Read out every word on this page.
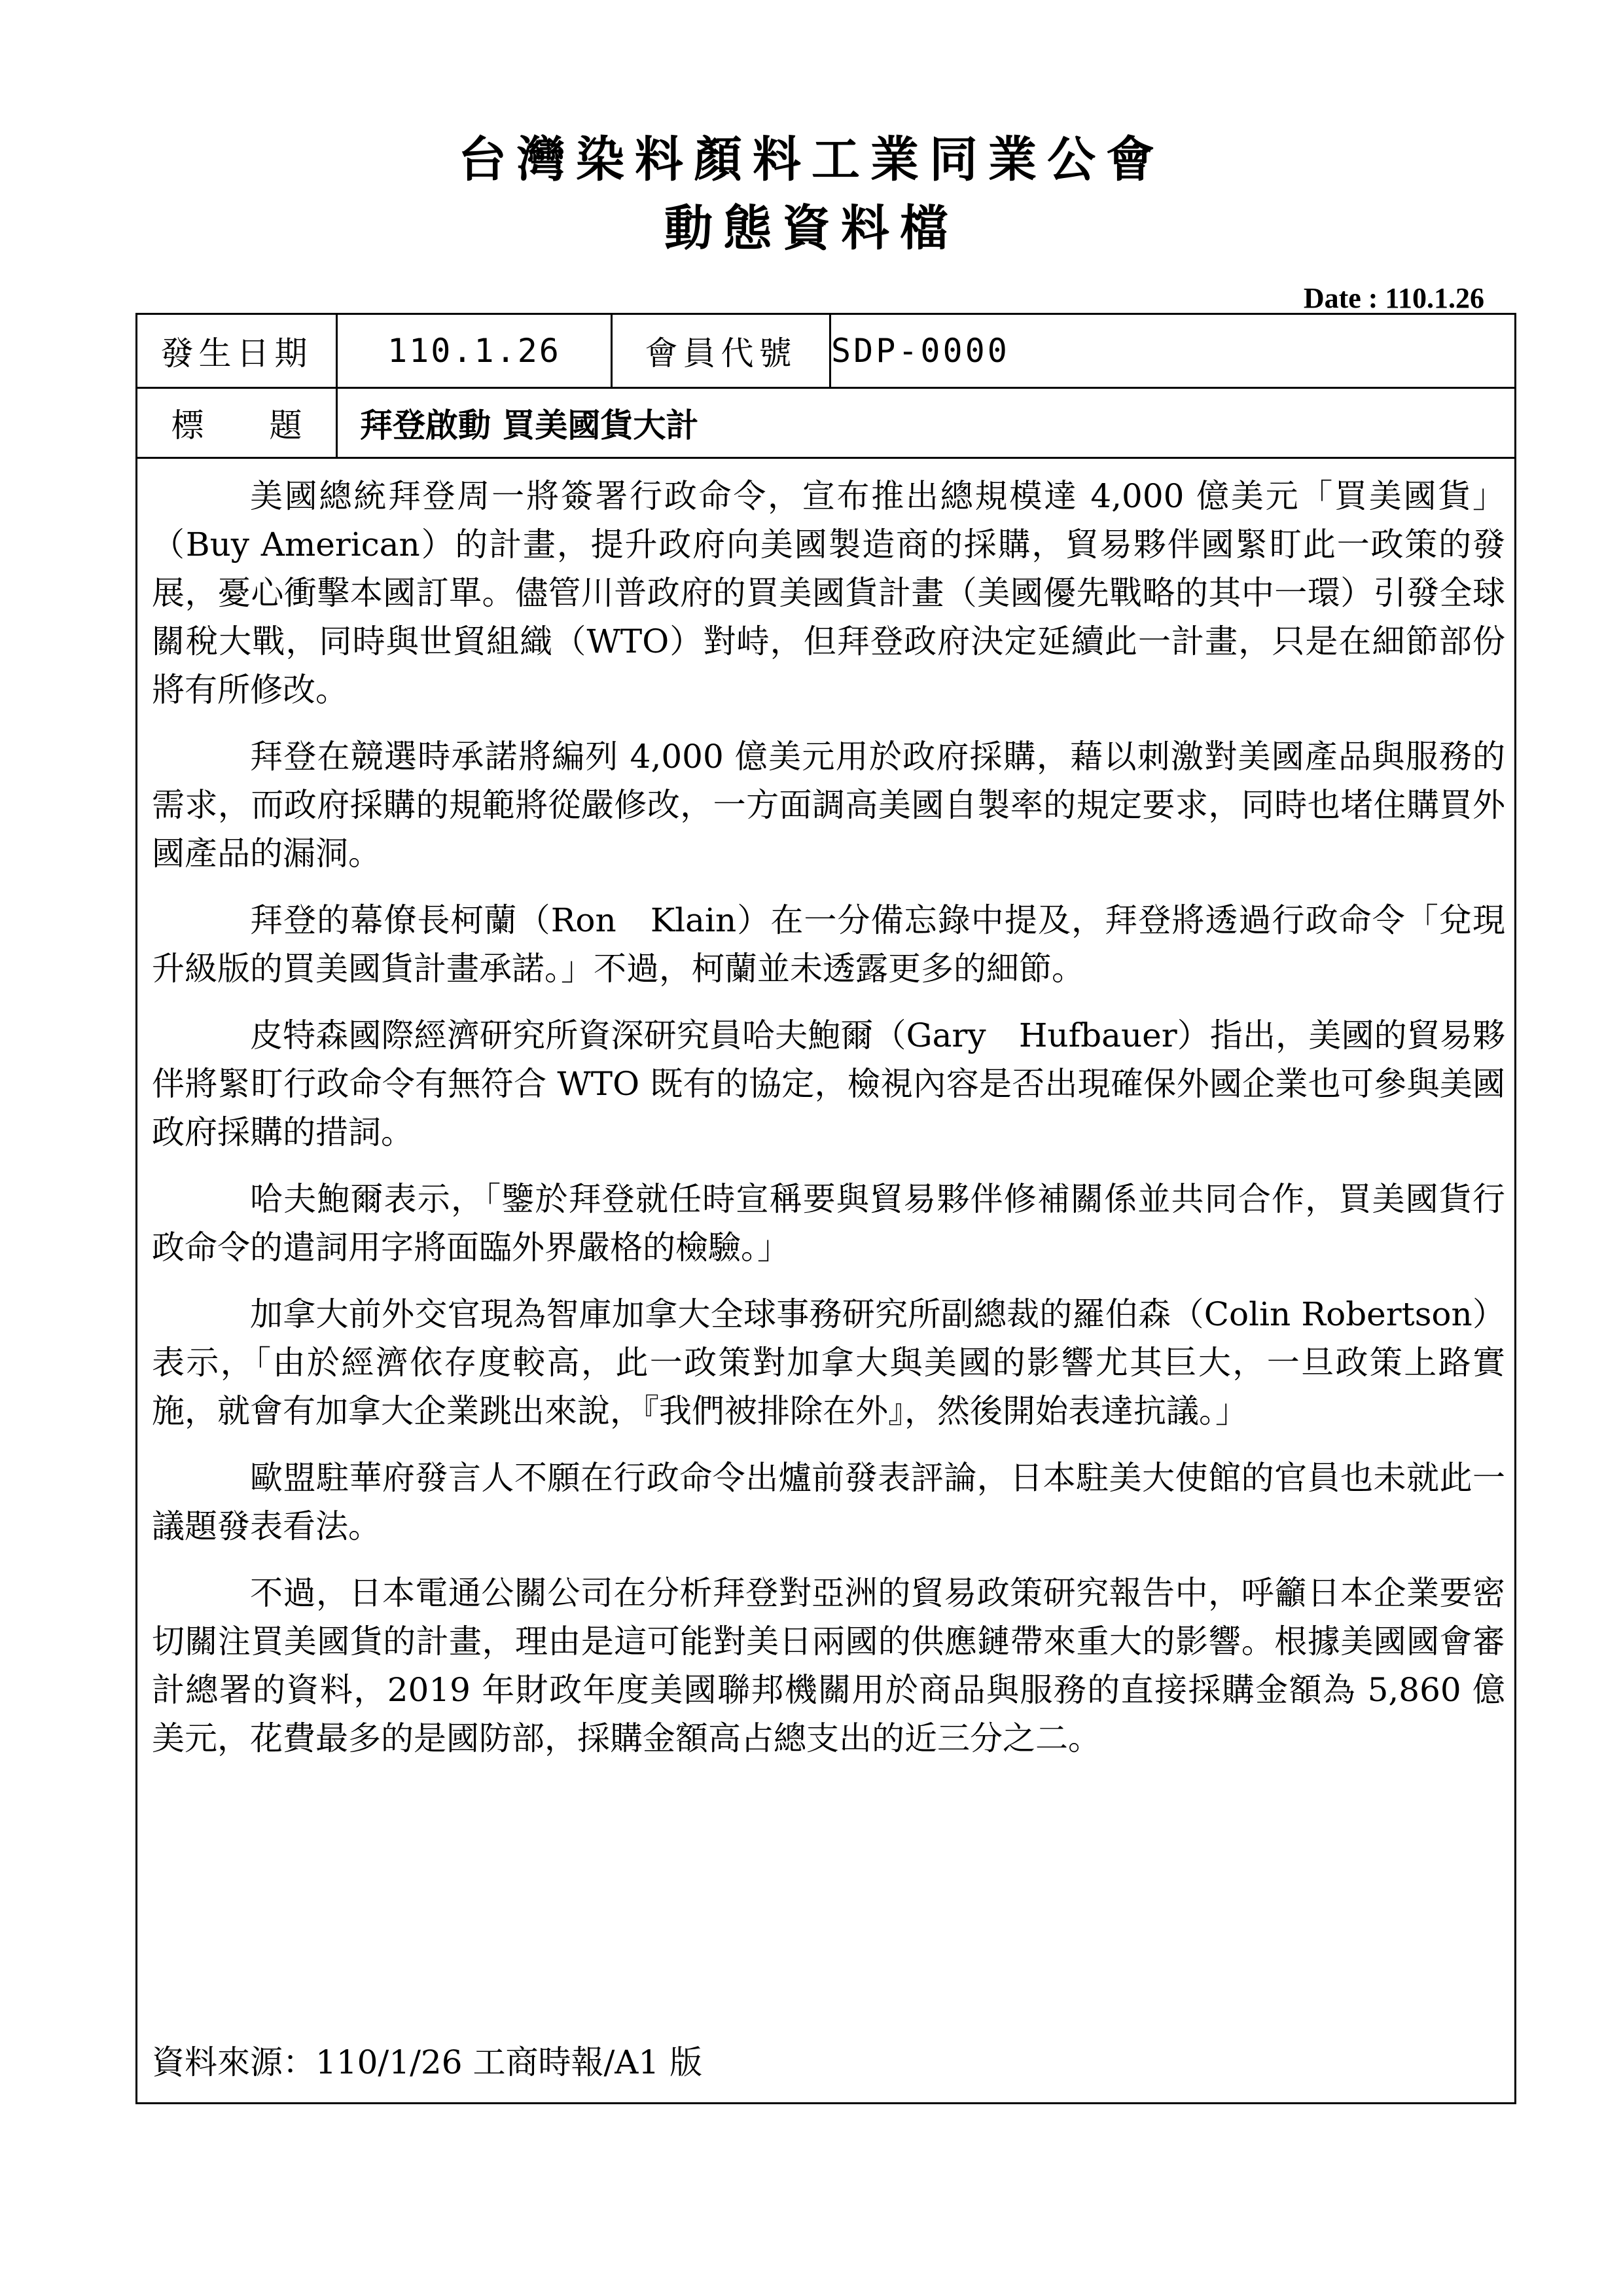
台灣染料顏料工業同業公會
動態資料檔
Date : 110.1.26
發生日期	110.1.26	會員代號	SDP-0000
標　　題	拜登啟動 買美國貨大計

美國總統拜登周一將簽署行政命令，宣布推出總規模達 4,000 億美元「買美國貨」（Buy American）的計畫，提升政府向美國製造商的採購，貿易夥伴國緊盯此一政策的發展，憂心衝擊本國訂單。儘管川普政府的買美國貨計畫（美國優先戰略的其中一環）引發全球關稅大戰，同時與世貿組織（WTO）對峙，但拜登政府決定延續此一計畫，只是在細節部份將有所修改。

拜登在競選時承諾將編列 4,000 億美元用於政府採購，藉以刺激對美國產品與服務的需求，而政府採購的規範將從嚴修改，一方面調高美國自製率的規定要求，同時也堵住購買外國產品的漏洞。

拜登的幕僚長柯蘭（Ron　Klain）在一分備忘錄中提及，拜登將透過行政命令「兌現升級版的買美國貨計畫承諾。」不過，柯蘭並未透露更多的細節。

皮特森國際經濟研究所資深研究員哈夫鮑爾（Gary　Hufbauer）指出，美國的貿易夥伴將緊盯行政命令有無符合 WTO 既有的協定，檢視內容是否出現確保外國企業也可參與美國政府採購的措詞。

哈夫鮑爾表示，「鑒於拜登就任時宣稱要與貿易夥伴修補關係並共同合作，買美國貨行政命令的遣詞用字將面臨外界嚴格的檢驗。」

加拿大前外交官現為智庫加拿大全球事務研究所副總裁的羅伯森（Colin Robertson）表示，「由於經濟依存度較高，此一政策對加拿大與美國的影響尤其巨大，一旦政策上路實施，就會有加拿大企業跳出來說，『我們被排除在外』，然後開始表達抗議。」

歐盟駐華府發言人不願在行政命令出爐前發表評論，日本駐美大使館的官員也未就此一議題發表看法。

不過，日本電通公關公司在分析拜登對亞洲的貿易政策研究報告中，呼籲日本企業要密切關注買美國貨的計畫，理由是這可能對美日兩國的供應鏈帶來重大的影響。根據美國國會審計總署的資料，2019 年財政年度美國聯邦機關用於商品與服務的直接採購金額為 5,860 億美元，花費最多的是國防部，採購金額高占總支出的近三分之二。

資料來源：110/1/26 工商時報/A1 版
